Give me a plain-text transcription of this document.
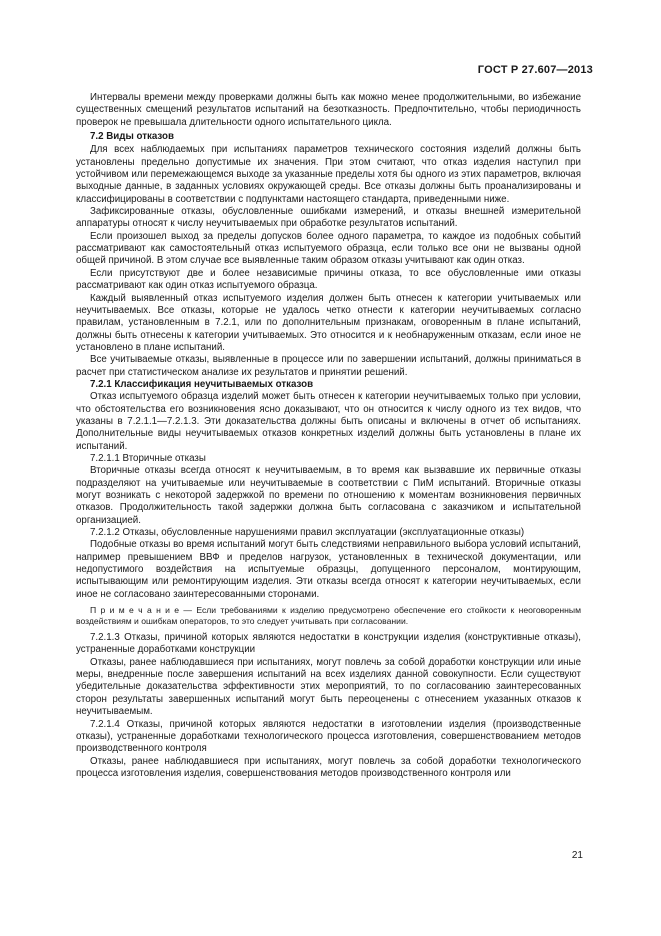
ГОСТ Р 27.607—2013

Интервалы времени между проверками должны быть как можно менее продолжительными, во избежание существенных смещений результатов испытаний на безотказность. Предпочтительно, чтобы периодичность проверок не превышала длительности одного испытательного цикла.

7.2 Виды отказов

Для всех наблюдаемых при испытаниях параметров технического состояния изделий должны быть установлены предельно допустимые их значения. При этом считают, что отказ изделия наступил при устойчивом или перемежающемся выходе за указанные пределы хотя бы одного из этих параметров, включая выходные данные, в заданных условиях окружающей среды. Все отказы должны быть проанализированы и классифицированы в соответствии с подпунктами настоящего стандарта, приведенными ниже.

Зафиксированные отказы, обусловленные ошибками измерений, и отказы внешней измерительной аппаратуры относят к числу неучитываемых при обработке результатов испытаний.

Если произошел выход за пределы допусков более одного параметра, то каждое из подобных событий рассматривают как самостоятельный отказ испытуемого образца, если только все они не вызваны одной общей причиной. В этом случае все выявленные таким образом отказы учитывают как один отказ.

Если присутствуют две и более независимые причины отказа, то все обусловленные ими отказы рассматривают как один отказ испытуемого образца.

Каждый выявленный отказ испытуемого изделия должен быть отнесен к категории учитываемых или неучитываемых. Все отказы, которые не удалось четко отнести к категории неучитываемых согласно правилам, установленным в 7.2.1, или по дополнительным признакам, оговоренным в плане испытаний, должны быть отнесены к категории учитываемых. Это относится и к необнаруженным отказам, если иное не установлено в плане испытаний.

Все учитываемые отказы, выявленные в процессе или по завершении испытаний, должны приниматься в расчет при статистическом анализе их результатов и принятии решений.

7.2.1 Классификация неучитываемых отказов

Отказ испытуемого образца изделий может быть отнесен к категории неучитываемых только при условии, что обстоятельства его возникновения ясно доказывают, что он относится к числу одного из тех видов, что указаны в 7.2.1.1—7.2.1.3. Эти доказательства должны быть описаны и включены в отчет об испытаниях. Дополнительные виды неучитываемых отказов конкретных изделий должны быть установлены в плане их испытаний.

7.2.1.1 Вторичные отказы

Вторичные отказы всегда относят к неучитываемым, в то время как вызвавшие их первичные отказы подразделяют на учитываемые или неучитываемые в соответствии с ПиМ испытаний. Вторичные отказы могут возникать с некоторой задержкой по времени по отношению к моментам возникновения первичных отказов. Продолжительность такой задержки должна быть согласована с заказчиком и испытательной организацией.

7.2.1.2 Отказы, обусловленные нарушениями правил эксплуатации (эксплуатационные отказы)

Подобные отказы во время испытаний могут быть следствиями неправильного выбора условий испытаний, например превышением ВВФ и пределов нагрузок, установленных в технической документации, или недопустимого воздействия на испытуемые образцы, допущенного персоналом, монтирующим, испытывающим или ремонтирующим изделия. Эти отказы всегда относят к категории неучитываемых, если иное не согласовано заинтересованными сторонами.

П р и м е ч а н и е — Если требованиями к изделию предусмотрено обеспечение его стойкости к неоговоренным воздействиям и ошибкам операторов, то это следует учитывать при согласовании.

7.2.1.3 Отказы, причиной которых являются недостатки в конструкции изделия (конструктивные отказы), устраненные доработками конструкции

Отказы, ранее наблюдавшиеся при испытаниях, могут повлечь за собой доработки конструкции или иные меры, внедренные после завершения испытаний на всех изделиях данной совокупности. Если существуют убедительные доказательства эффективности этих мероприятий, то по согласованию заинтересованных сторон результаты завершенных испытаний могут быть переоценены с отнесением указанных отказов к неучитываемым.

7.2.1.4 Отказы, причиной которых являются недостатки в изготовлении изделия (производственные отказы), устраненные доработками технологического процесса изготовления, совершенствованием методов производственного контроля

Отказы, ранее наблюдавшиеся при испытаниях, могут повлечь за собой доработки технологического процесса изготовления изделия, совершенствования методов производственного контроля или

21
